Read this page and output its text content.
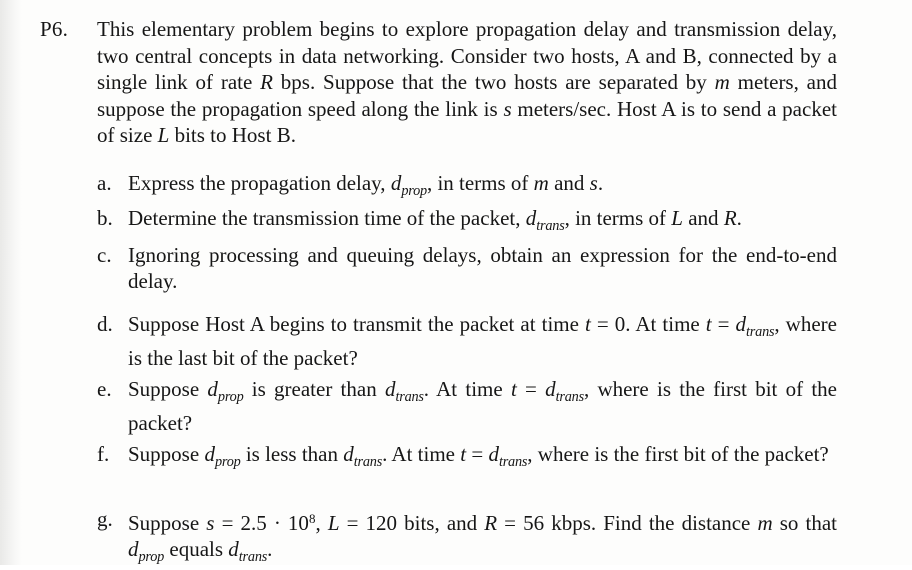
P6. This elementary problem begins to explore propagation delay and transmission delay, two central concepts in data networking. Consider two hosts, A and B, connected by a single link of rate R bps. Suppose that the two hosts are separated by m meters, and suppose the propagation speed along the link is s meters/sec. Host A is to send a packet of size L bits to Host B.
a. Express the propagation delay, $d_{prop}$, in terms of m and s.
b. Determine the transmission time of the packet, $d_{trans}$, in terms of L and R.
c. Ignoring processing and queuing delays, obtain an expression for the end-to-end delay.
d. Suppose Host A begins to transmit the packet at time t = 0. At time $t = d_{trans}$, where is the last bit of the packet?
e. Suppose $d_{prop}$ is greater than $d_{trans}$. At time $t = d_{trans}$, where is the first bit of the packet?
f. Suppose $d_{prop}$ is less than $d_{trans}$. At time $t = d_{trans}$, where is the first bit of the packet?
g. Suppose $s = 2.5 \cdot 10^8$, L = 120 bits, and R = 56 kbps. Find the distance m so that $d_{prop}$ equals $d_{trans}$.
